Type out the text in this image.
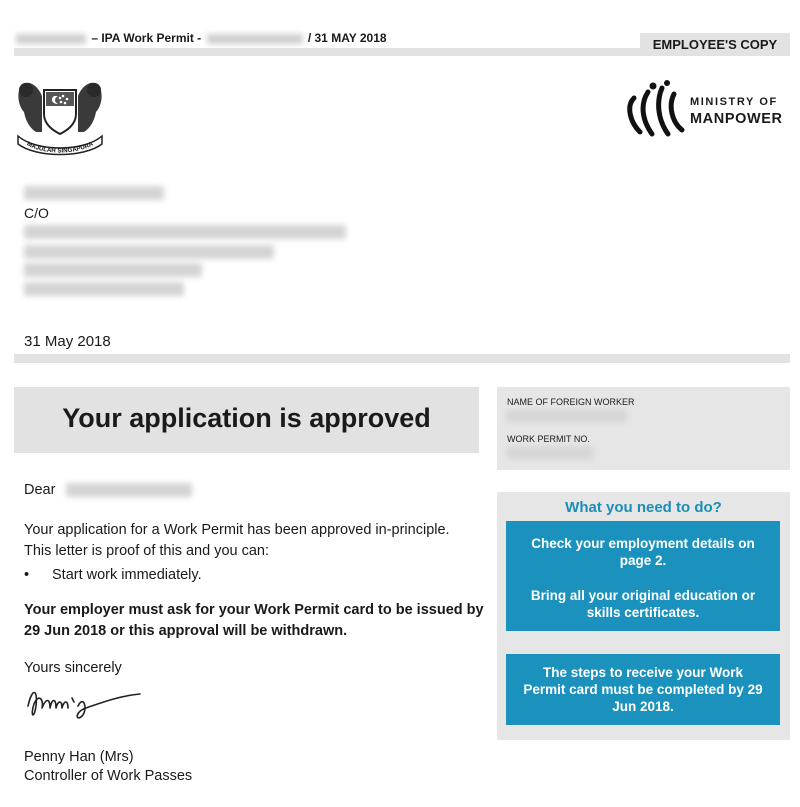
– IPA Work Permit -	/ 31 MAY 2018	EMPLOYEE'S COPY
MAJULAH SINGAPURA
MINISTRY OF
MANPOWER
C/O
31 May 2018
Your application is approved
NAME OF FOREIGN WORKER
WORK PERMIT NO.
Dear
Your application for a Work Permit has been approved in-principle. This letter is proof of this and you can:
• Start work immediately.
Your employer must ask for your Work Permit card to be issued by 29 Jun 2018 or this approval will be withdrawn.
Yours sincerely
Penny Han (Mrs)
Controller of Work Passes
What you need to do?
Check your employment details on page 2.
Bring all your original education or skills certificates.
The steps to receive your Work Permit card must be completed by 29 Jun 2018.
